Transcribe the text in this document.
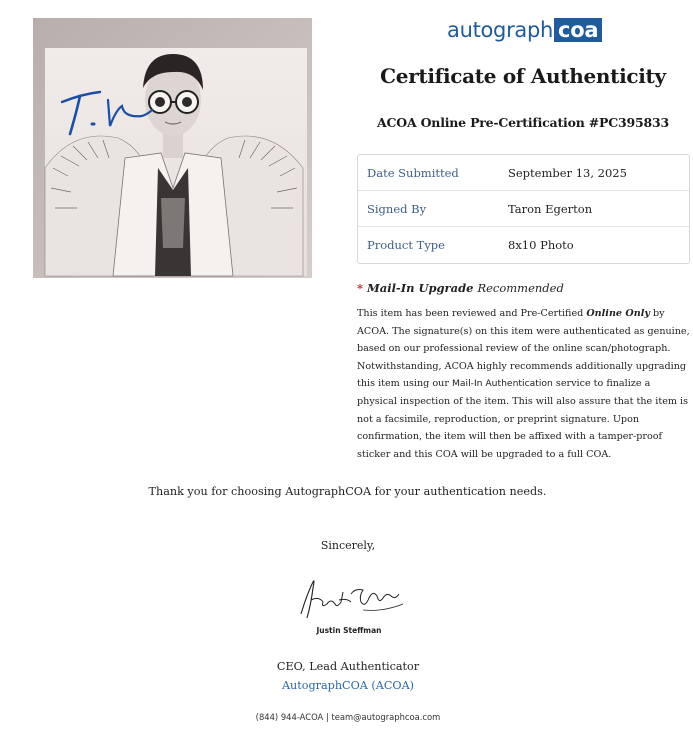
autograph coa
Certificate of Authenticity
ACOA Online Pre-Certification #PC395833
Date Submitted	September 13, 2025
Signed By	Taron Egerton
Product Type	8x10 Photo
* Mail-In Upgrade Recommended
This item has been reviewed and Pre-Certified Online Only by ACOA. The signature(s) on this item were authenticated as genuine, based on our professional review of the online scan/photograph. Notwithstanding, ACOA highly recommends additionally upgrading this item using our Mail-In Authentication service to finalize a physical inspection of the item. This will also assure that the item is not a facsimile, reproduction, or preprint signature. Upon confirmation, the item will then be affixed with a tamper-proof sticker and this COA will be upgraded to a full COA.
Thank you for choosing AutographCOA for your authentication needs.
Sincerely,
Justin Steffman
CEO, Lead Authenticator
AutographCOA (ACOA)
(844) 944-ACOA | team@autographcoa.com
